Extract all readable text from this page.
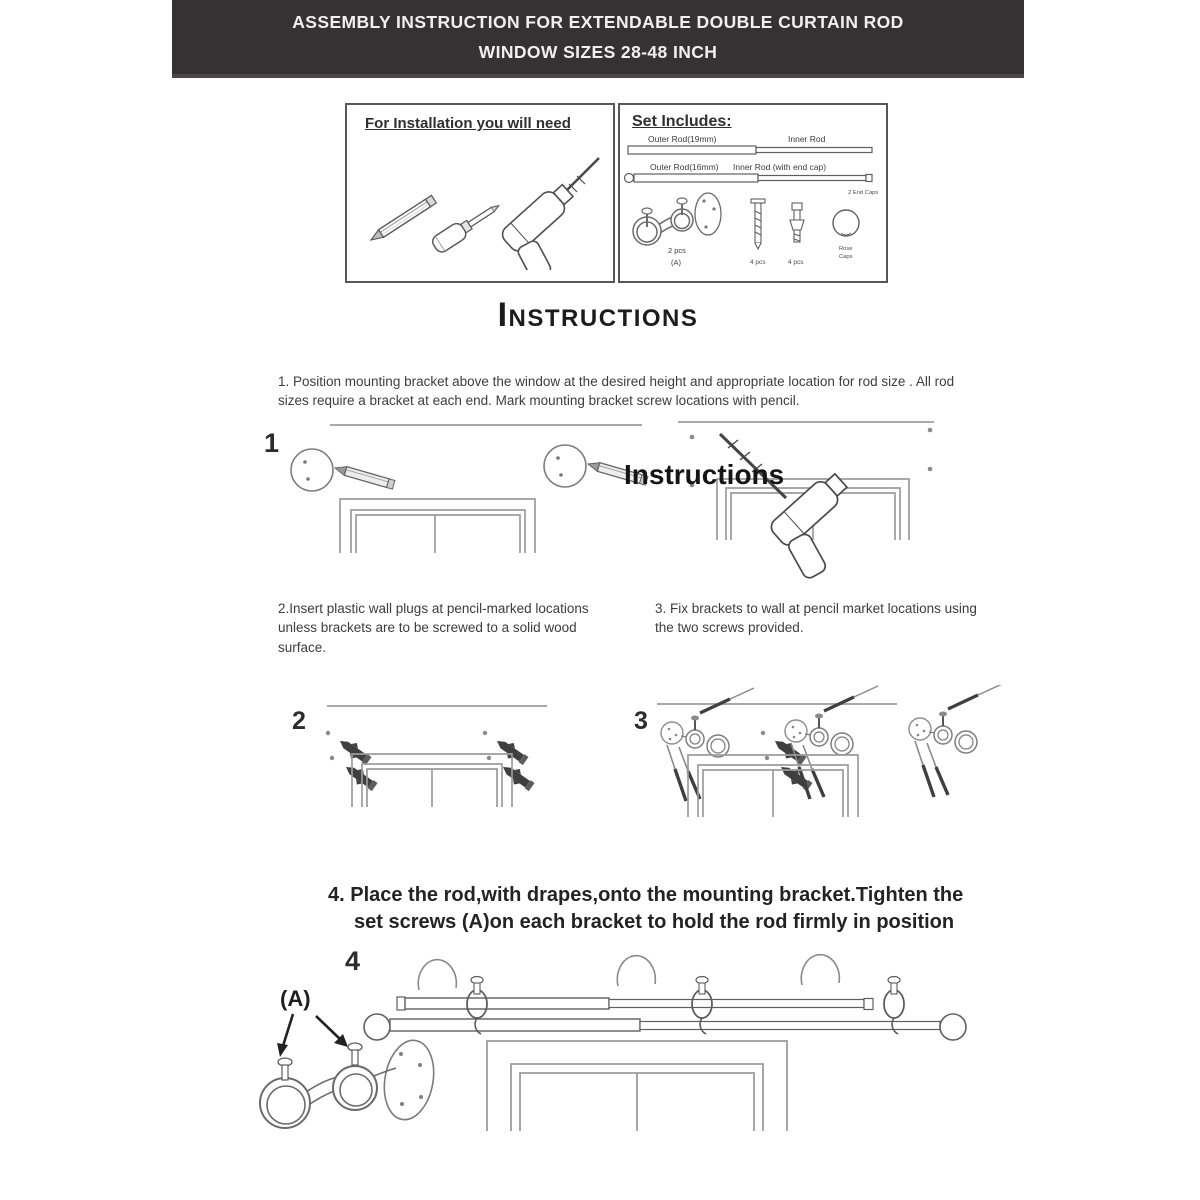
ASSEMBLY INSTRUCTION FOR EXTENDABLE DOUBLE CURTAIN ROD
WINDOW SIZES 28-48 INCH
For Installation you will need	Set Includes:
Outer Rod(19mm)	Inner Rod
Outer Rod(16mm) Inner Rod (with end cap)
2 End Caps
2 pcs
(A)	4 pcs	4 pcs
Rose
Caps
Instructions

1. Position mounting bracket above the window at the desired height and appropriate location for rod size . All rod sizes require a bracket at each end. Mark mounting bracket screw locations with pencil.

1
Instructions

2.Insert plastic wall plugs at pencil-marked locations unless brackets are to be screwed to a solid wood surface.

3. Fix brackets to wall at pencil market locations using the two screws provided.

2	3

4. Place the rod,with drapes,onto the mounting bracket.Tighten the set screws (A)on each bracket to hold the rod firmly in position

4
(A)
